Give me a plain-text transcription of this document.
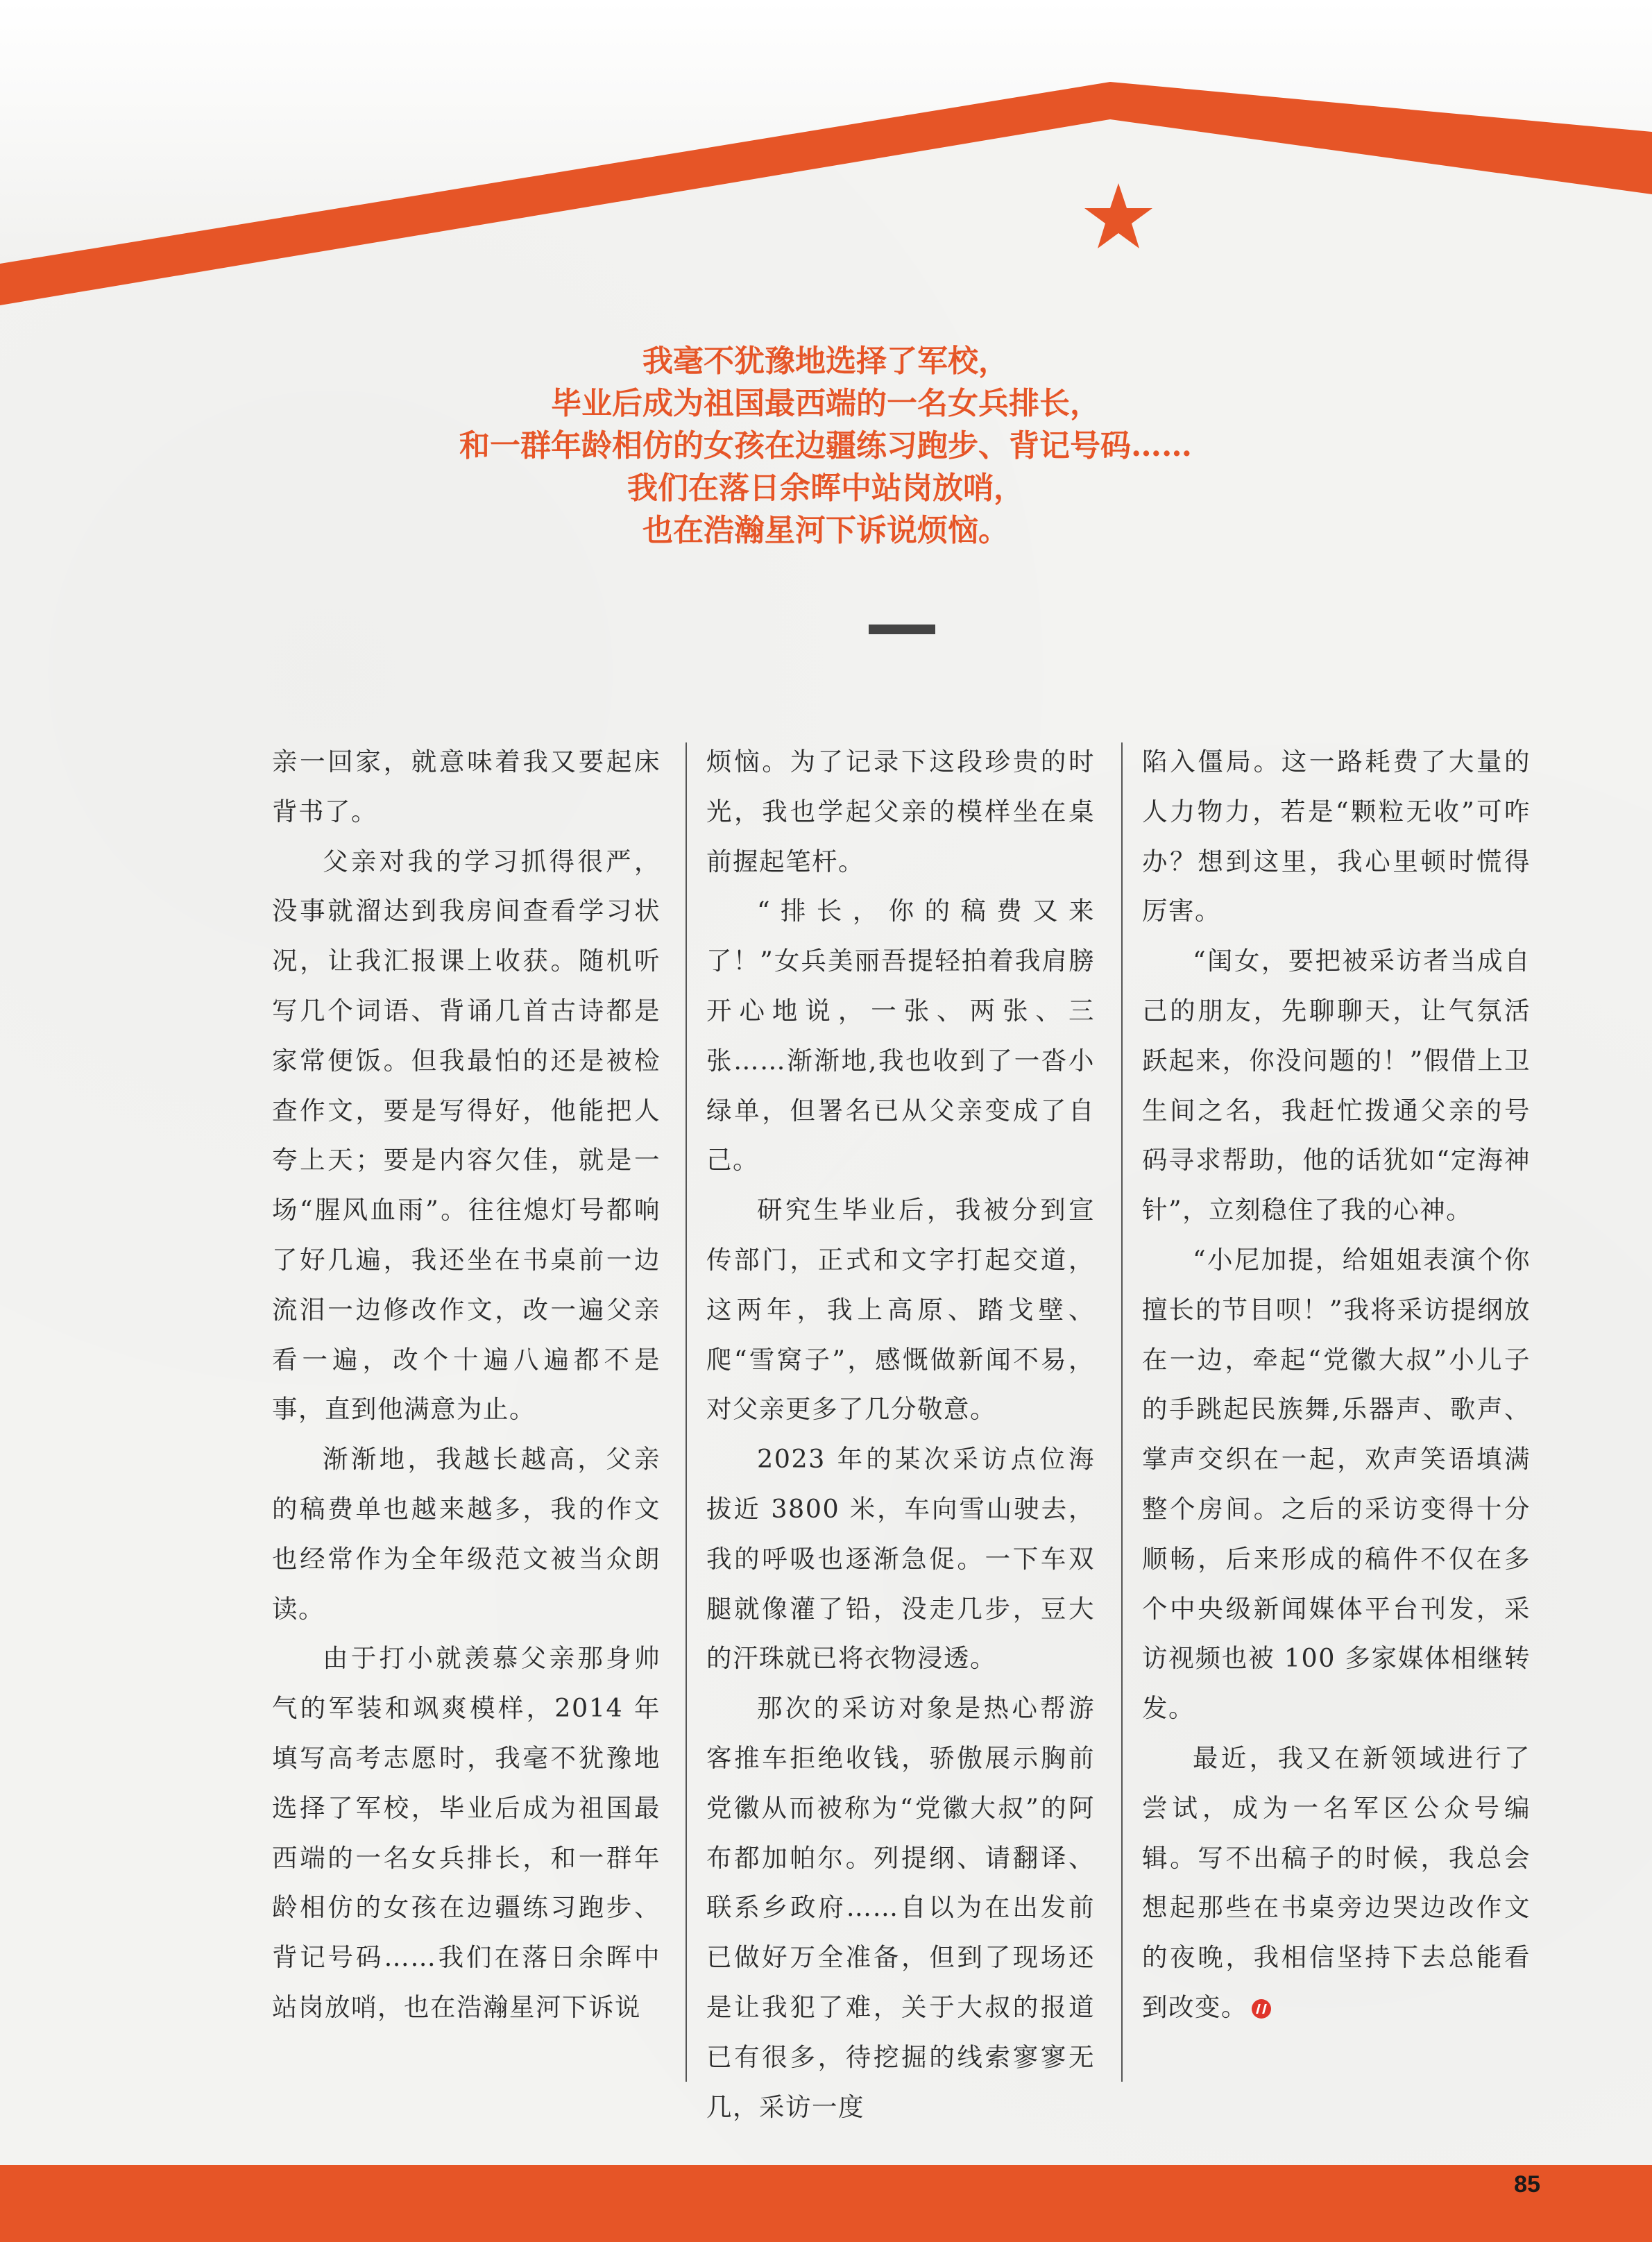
我毫不犹豫地选择了军校，
毕业后成为祖国最西端的一名女兵排长，
和一群年龄相仿的女孩在边疆练习跑步、背记号码……
我们在落日余晖中站岗放哨，
也在浩瀚星河下诉说烦恼。

亲一回家，就意味着我又要起床背书了。

父亲对我的学习抓得很严，没事就溜达到我房间查看学习状况，让我汇报课上收获。随机听写几个词语、背诵几首古诗都是家常便饭。但我最怕的还是被检查作文，要是写得好，他能把人夸上天；要是内容欠佳，就是一场“腥风血雨”。往往熄灯号都响了好几遍，我还坐在书桌前一边流泪一边修改作文，改一遍父亲看一遍，改个十遍八遍都不是事，直到他满意为止。

渐渐地，我越长越高，父亲的稿费单也越来越多，我的作文也经常作为全年级范文被当众朗读。

由于打小就羡慕父亲那身帅气的军装和飒爽模样，2014 年填写高考志愿时，我毫不犹豫地选择了军校，毕业后成为祖国最西端的一名女兵排长，和一群年龄相仿的女孩在边疆练习跑步、背记号码……我们在落日余晖中站岗放哨，也在浩瀚星河下诉说

烦恼。为了记录下这段珍贵的时光，我也学起父亲的模样坐在桌前握起笔杆。

“排长，你的稿费又来了！”女兵美丽吾提轻拍着我肩膀开心地说，一张、两张、三张……渐渐地,我也收到了一沓小绿单，但署名已从父亲变成了自己。

研究生毕业后，我被分到宣传部门，正式和文字打起交道，这两年，我上高原、踏戈壁、爬“雪窝子”，感慨做新闻不易，对父亲更多了几分敬意。

2023 年的某次采访点位海拔近 3800 米，车向雪山驶去，我的呼吸也逐渐急促。一下车双腿就像灌了铅，没走几步，豆大的汗珠就已将衣物浸透。

那次的采访对象是热心帮游客推车拒绝收钱，骄傲展示胸前党徽从而被称为“党徽大叔”的阿布都加帕尔。列提纲、请翻译、联系乡政府……自以为在出发前已做好万全准备，但到了现场还是让我犯了难，关于大叔的报道已有很多，待挖掘的线索寥寥无几，采访一度

陷入僵局。这一路耗费了大量的人力物力，若是“颗粒无收”可咋办？想到这里，我心里顿时慌得厉害。

“闺女，要把被采访者当成自己的朋友，先聊聊天，让气氛活跃起来，你没问题的！”假借上卫生间之名，我赶忙拨通父亲的号码寻求帮助，他的话犹如“定海神针”，立刻稳住了我的心神。

“小尼加提，给姐姐表演个你擅长的节目呗！”我将采访提纲放在一边，牵起“党徽大叔”小儿子的手跳起民族舞,乐器声、歌声、掌声交织在一起，欢声笑语填满整个房间。之后的采访变得十分顺畅，后来形成的稿件不仅在多个中央级新闻媒体平台刊发，采访视频也被 100 多家媒体相继转发。

最近，我又在新领域进行了尝试，成为一名军区公众号编辑。写不出稿子的时候，我总会想起那些在书桌旁边哭边改作文的夜晚，我相信坚持下去总能看到改变。

85
